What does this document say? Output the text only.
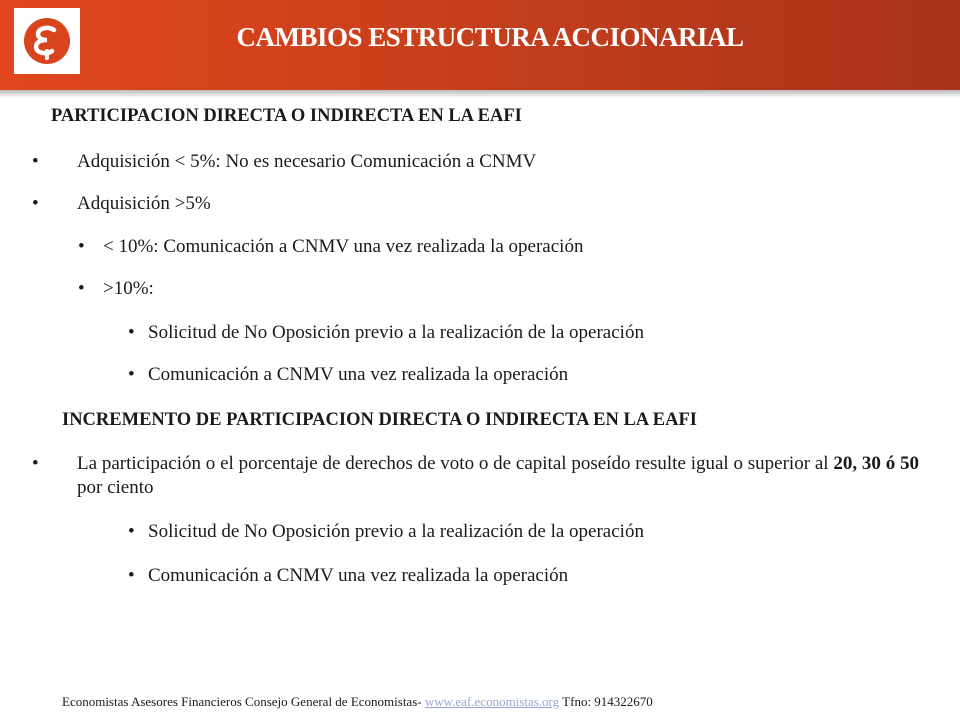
CAMBIOS ESTRUCTURA ACCIONARIAL
PARTICIPACION DIRECTA O INDIRECTA EN LA EAFI
• Adquisición < 5%: No es necesario Comunicación a CNMV
• Adquisición >5%
• < 10%: Comunicación a CNMV una vez realizada la operación
• >10%:
• Solicitud de No Oposición previo a la realización de la operación
• Comunicación a CNMV una vez realizada la operación
INCREMENTO DE PARTICIPACION DIRECTA O INDIRECTA EN LA EAFI
• La participación o el porcentaje de derechos de voto o de capital poseído resulte igual o superior al 20, 30 ó 50 por ciento
• Solicitud de No Oposición previo a la realización de la operación
• Comunicación a CNMV una vez realizada la operación
Economistas Asesores Financieros Consejo General de Economistas- www.eaf.economistas.org Tfno: 914322670
